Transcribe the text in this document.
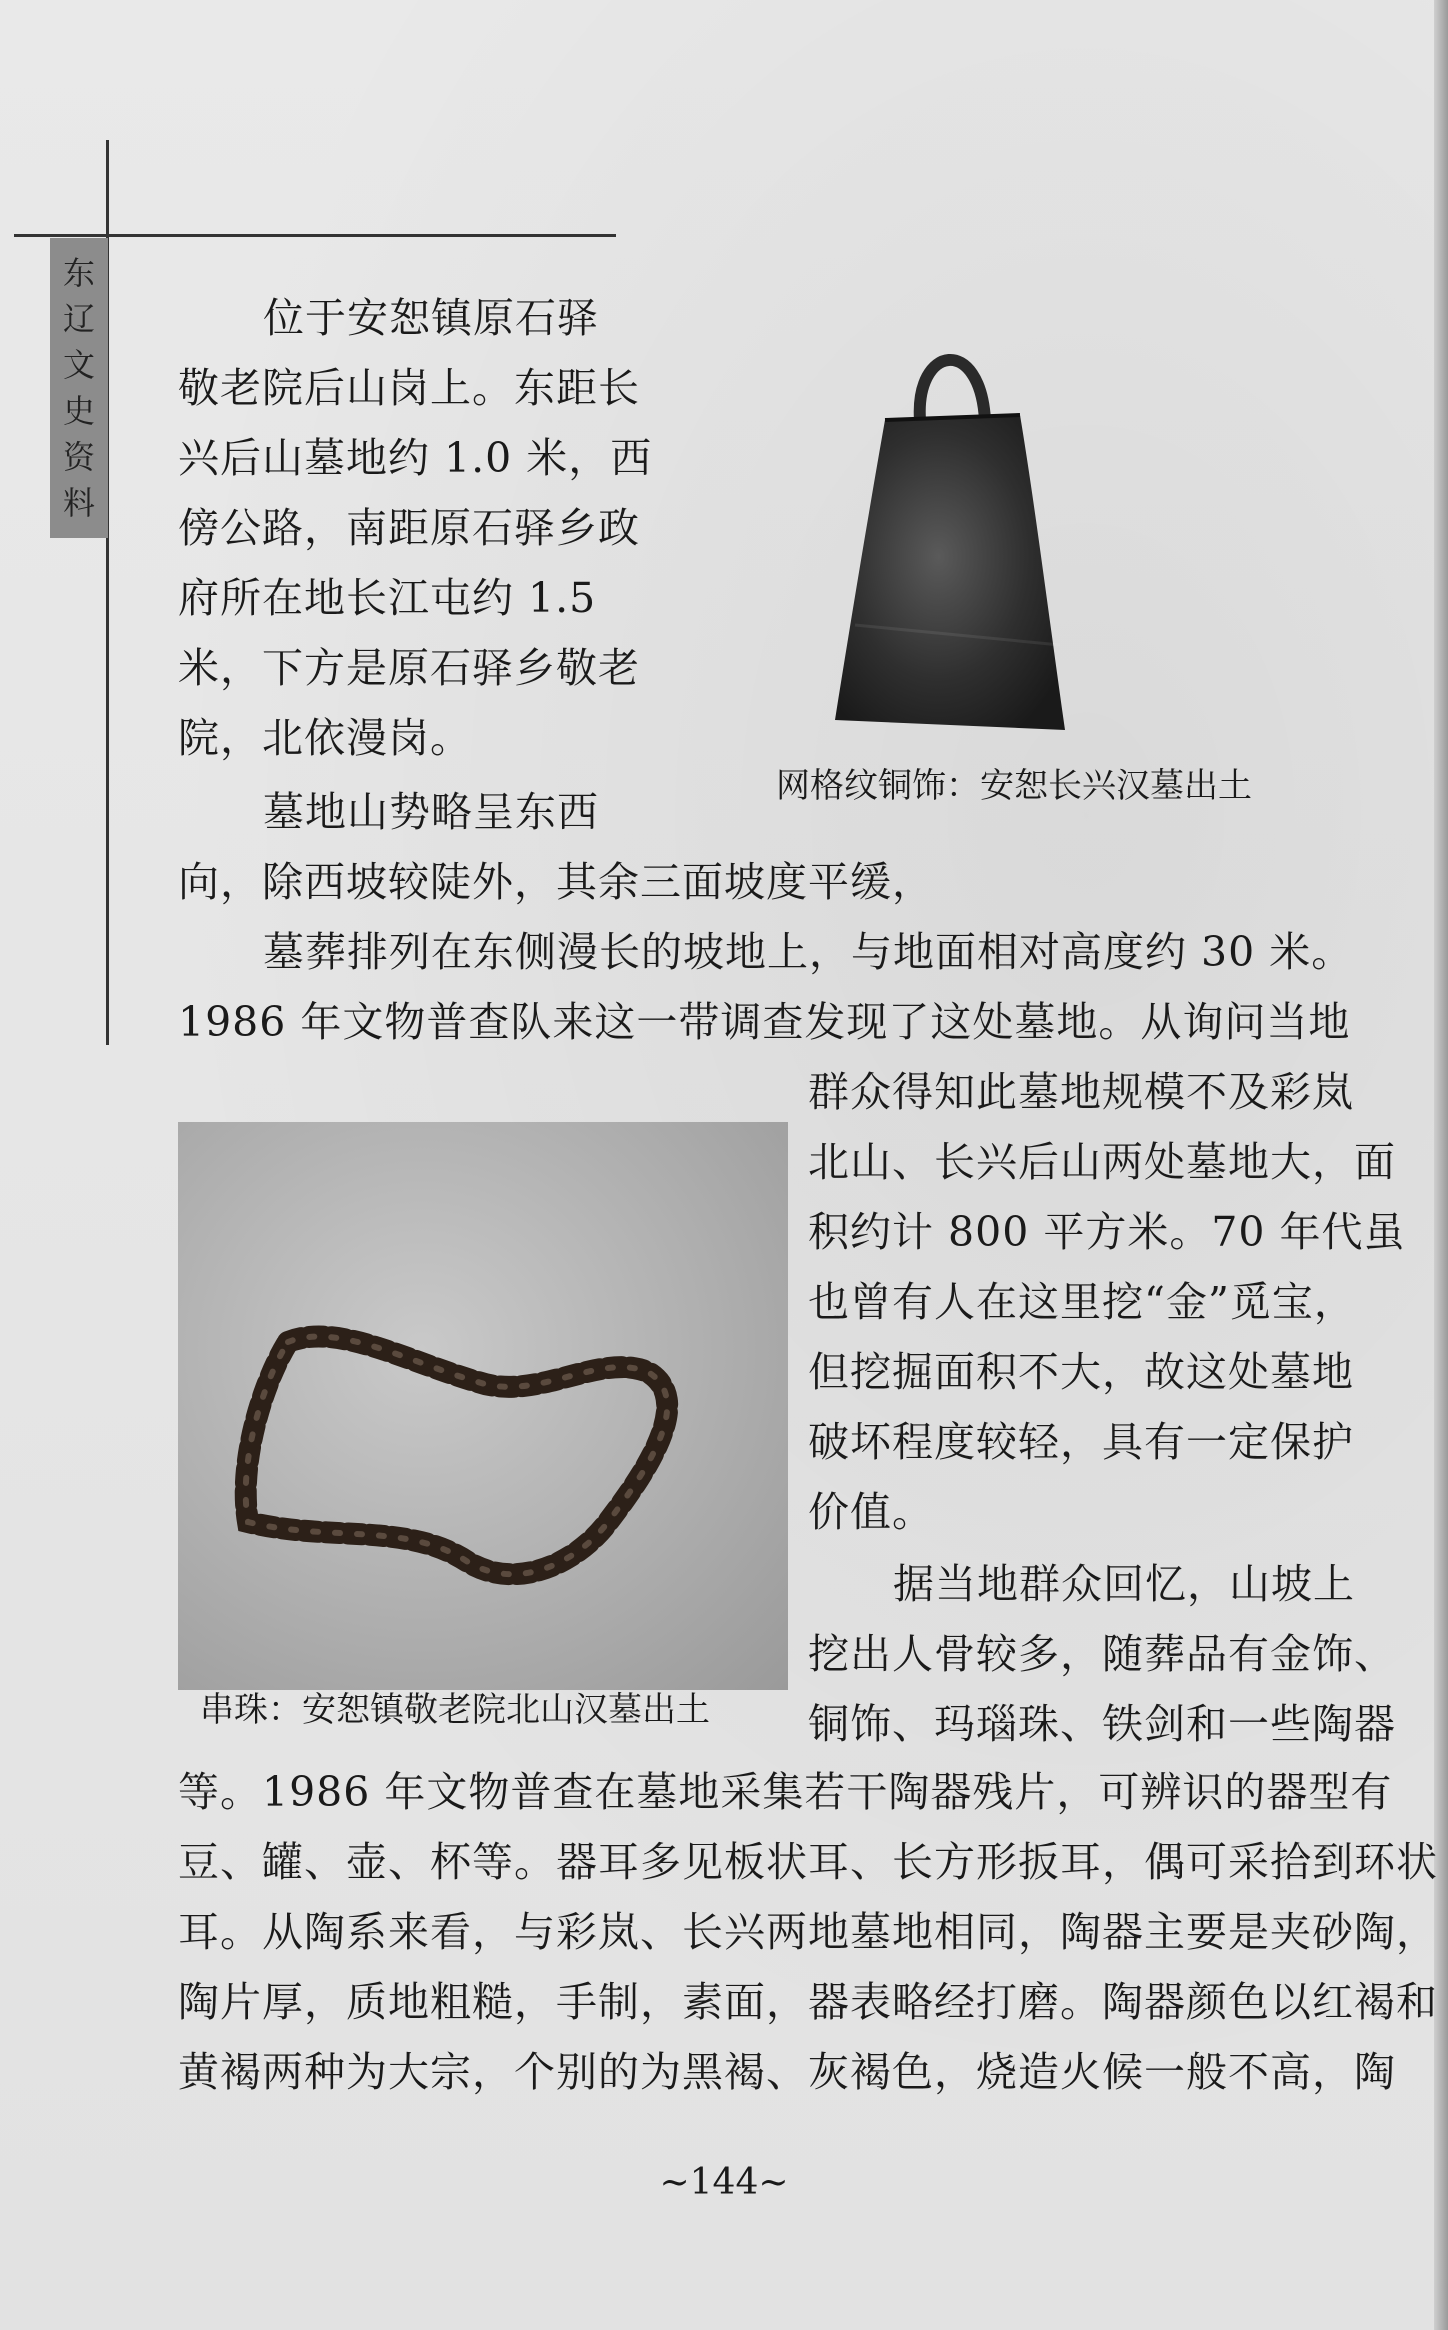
东
辽
文
史
资
料
位于安恕镇原石驿
敬老院后山岗上。东距长
兴后山墓地约 1.0 米，西
傍公路，南距原石驿乡政
府所在地长江屯约 1.5
米，下方是原石驿乡敬老
院，北依漫岗。
墓地山势略呈东西
网格纹铜饰：安恕长兴汉墓出土
向，除西坡较陡外，其余三面坡度平缓，
墓葬排列在东侧漫长的坡地上，与地面相对高度约 30 米。
1986 年文物普查队来这一带调查发现了这处墓地。从询问当地
串珠：安恕镇敬老院北山汉墓出土
群众得知此墓地规模不及彩岚
北山、长兴后山两处墓地大，面
积约计 800 平方米。70 年代虽
也曾有人在这里挖“金”觅宝，
但挖掘面积不大，故这处墓地
破坏程度较轻，具有一定保护
价值。
据当地群众回忆，山坡上
挖出人骨较多，随葬品有金饰、
铜饰、玛瑙珠、铁剑和一些陶器
等。1986 年文物普查在墓地采集若干陶器残片，可辨识的器型有
豆、罐、壶、杯等。器耳多见板状耳、长方形扳耳，偶可采拾到环状
耳。从陶系来看，与彩岚、长兴两地墓地相同，陶器主要是夹砂陶，
陶片厚，质地粗糙，手制，素面，器表略经打磨。陶器颜色以红褐和
黄褐两种为大宗，个别的为黑褐、灰褐色，烧造火候一般不高，陶
~144~
